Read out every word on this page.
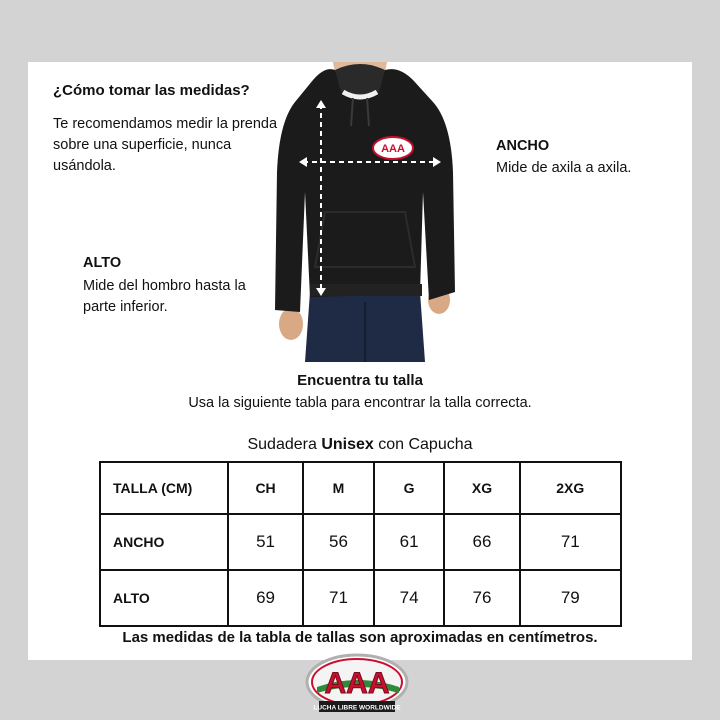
¿Cómo tomar las medidas?
Te recomendamos medir la prenda sobre una superficie, nunca usándola.
ANCHO
Mide de axila a axila.
ALTO
Mide del hombro hasta la parte inferior.
AAA
Encuentra tu talla
Usa la siguiente tabla para encontrar la talla correcta.
Sudadera Unisex con Capucha
TALLA (CM)	CH	M	G	XG	2XG
ANCHO	51	56	61	66	71
ALTO	69	71	74	76	79
Las medidas de la tabla de tallas son aproximadas en centímetros.
AAA
LUCHA LIBRE WORLDWIDE
